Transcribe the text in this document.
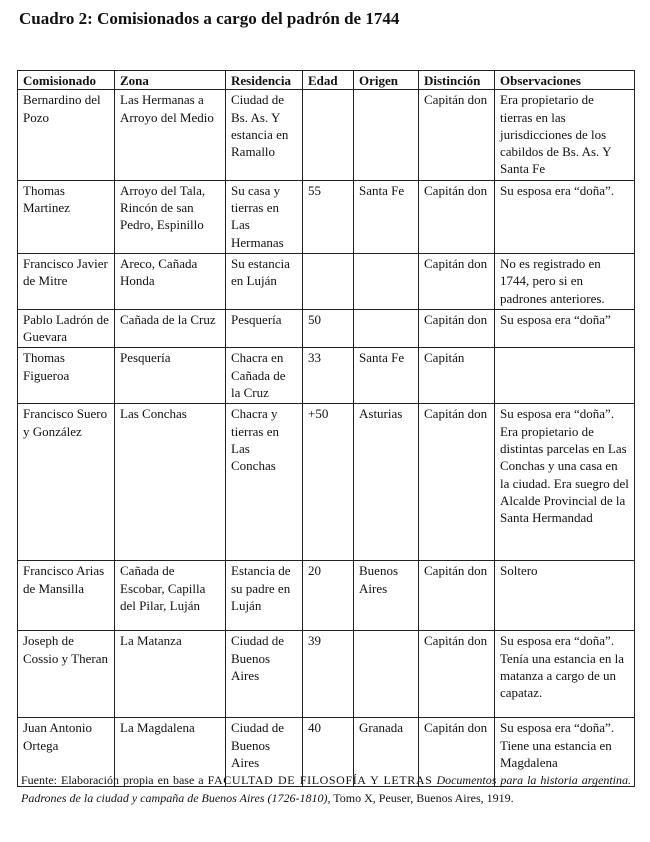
Cuadro 2: Comisionados a cargo del padrón de 1744
Comisionado	Zona	Residencia	Edad	Origen	Distinción	Observaciones
Bernardino del Pozo	Las Hermanas a Arroyo del Medio	Ciudad de Bs. As. Y estancia en Ramallo			Capitán don	Era propietario de tierras en las jurisdicciones de los cabildos de Bs. As. Y Santa Fe
Thomas Martinez	Arroyo del Tala, Rincón de san Pedro, Espinillo	Su casa y tierras en Las Hermanas	55	Santa Fe	Capitán don	Su esposa era “doña”.
Francisco Javier de Mitre	Areco, Cañada Honda	Su estancia en Luján			Capitán don	No es registrado en 1744, pero si en padrones anteriores.
Pablo Ladrón de Guevara	Cañada de la Cruz	Pesquería	50		Capitán don	Su esposa era “doña”
Thomas Figueroa	Pesquería	Chacra en Cañada de la Cruz	33	Santa Fe	Capitán	
Francisco Suero y González	Las Conchas	Chacra y tierras en Las Conchas	+50	Asturias	Capitán don	Su esposa era “doña”. Era propietario de distintas parcelas en Las Conchas y una casa en la ciudad. Era suegro del Alcalde Provincial de la Santa Hermandad
Francisco Arias de Mansilla	Cañada de Escobar, Capilla del Pilar, Luján	Estancia de su padre en Luján	20	Buenos Aires	Capitán don	Soltero
Joseph de Cossio y Theran	La Matanza	Ciudad de Buenos Aires	39		Capitán don	Su esposa era “doña”. Tenía una estancia en la matanza a cargo de un capataz.
Juan Antonio Ortega	La Magdalena	Ciudad de Buenos Aires	40	Granada	Capitán don	Su esposa era “doña”. Tiene una estancia en Magdalena
Fuente: Elaboración propia en base a FACULTAD DE FILOSOFÍA Y LETRAS Documentos para la historia argentina. Padrones de la ciudad y campaña de Buenos Aires (1726-1810), Tomo X, Peuser, Buenos Aires, 1919.
